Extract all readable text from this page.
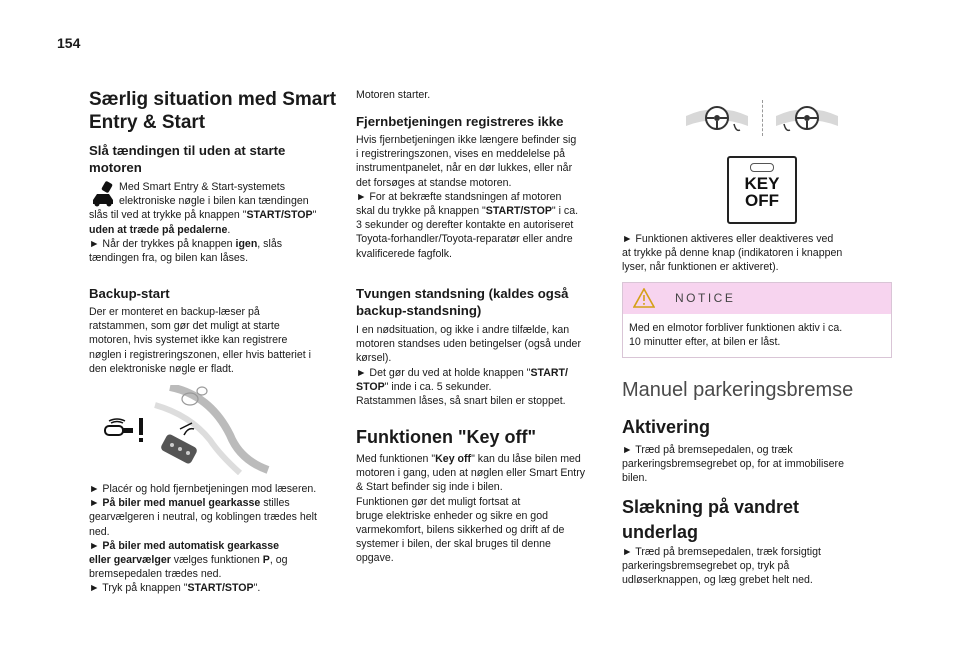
154
Særlig situation med Smart
Entry & Start
Slå tændingen til uden at starte
motoren

Med Smart Entry & Start-systemets

elektroniske nøgle i bilen kan tændingen

slås til ved at trykke på knappen "START/STOP"

uden at træde på pedalerne.

► Når der trykkes på knappen igen, slås

tændingen fra, og bilen kan låses.

Backup-start

Der er monteret en backup-læser på

ratstammen, som gør det muligt at starte

motoren, hvis systemet ikke kan registrere

nøglen i registreringszonen, eller hvis batteriet i

den elektroniske nøgle er fladt.

► Placér og hold fjernbetjeningen mod læseren.

► På biler med manuel gearkasse stilles

gearvælgeren i neutral, og koblingen trædes helt

ned.

► På biler med automatisk gearkasse

eller gearvælger vælges funktionen P, og

bremsepedalen trædes ned.

► Tryk på knappen "START/STOP".

Motoren starter.

Fjernbetjeningen registreres ikke

Hvis fjernbetjeningen ikke længere befinder sig

i registreringszonen, vises en meddelelse på

instrumentpanelet, når en dør lukkes, eller når

det forsøges at standse motoren.

► For at bekræfte standsningen af motoren

skal du trykke på knappen "START/STOP" i ca.

3 sekunder og derefter kontakte en autoriseret

Toyota-forhandler/Toyota-reparatør eller andre

kvalificerede fagfolk.

Tvungen standsning (kaldes også
backup-standsning)

I en nødsituation, og ikke i andre tilfælde, kan

motoren standses uden betingelser (også under

kørsel).

► Det gør du ved at holde knappen "START/

STOP" inde i ca. 5 sekunder.

Ratstammen låses, så snart bilen er stoppet.

Funktionen "Key off"

Med funktionen "Key off" kan du låse bilen med

motoren i gang, uden at nøglen eller Smart Entry

& Start befinder sig inde i bilen.

Funktionen gør det muligt fortsat at

bruge elektriske enheder og sikre en god

varmekomfort, bilens sikkerhed og drift af de

systemer i bilen, der skal bruges til denne

opgave.

KEY
OFF

► Funktionen aktiveres eller deaktiveres ved

at trykke på denne knap (indikatoren i knappen

lyser, når funktionen er aktiveret).

NOTICE

Med en elmotor forbliver funktionen aktiv i ca.

10 minutter efter, at bilen er låst.

Manuel parkeringsbremse
Aktivering

► Træd på bremsepedalen, og træk

parkeringsbremsegrebet op, for at immobilisere

bilen.

Slækning på vandret
underlag

► Træd på bremsepedalen, træk forsigtigt

parkeringsbremsegrebet op, tryk på

udløserknappen, og læg grebet helt ned.
